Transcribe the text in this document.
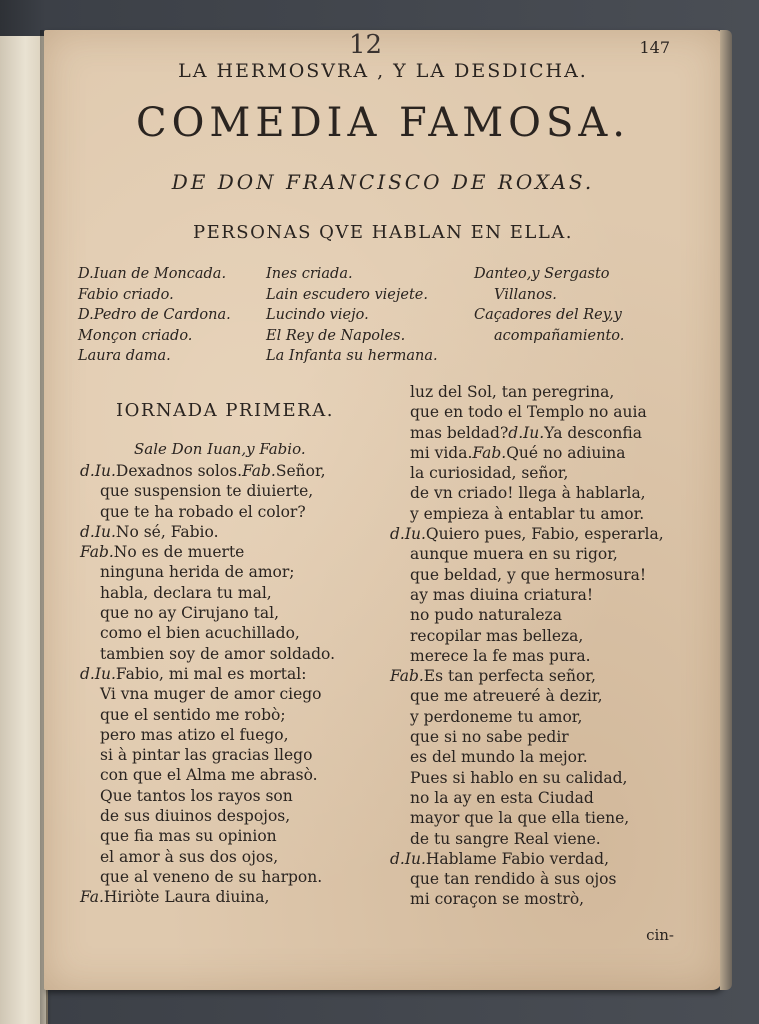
12	147
LA HERMOSVRA , Y LA DESDICHA.
COMEDIA FAMOSA.
DE DON FRANCISCO DE ROXAS.
PERSONAS QVE HABLAN EN ELLA.
D.Iuan de Moncada.
Fabio criado.
D.Pedro de Cardona.
Monçon criado.
Laura dama.
Ines criada.
Lain escudero viejete.
Lucindo viejo.
El Rey de Napoles.
La Infanta su hermana.
Danteo,y Sergasto
Villanos.
Caçadores del Rey,y
acompañamiento.
IORNADA PRIMERA.
Sale Don Iuan,y Fabio.
d.Iu.Dexadnos solos.Fab.Señor,
que suspension te diuierte,
que te ha robado el color?
d.Iu.No sé, Fabio.
Fab.No es de muerte
ninguna herida de amor;
habla, declara tu mal,
que no ay Cirujano tal,
como el bien acuchillado,
tambien soy de amor soldado.
d.Iu.Fabio, mi mal es mortal:
Vi vna muger de amor ciego
que el sentido me robò;
pero mas atizo el fuego,
si à pintar las gracias llego
con que el Alma me abrasò.
Que tantos los rayos son
de sus diuinos despojos,
que fia mas su opinion
el amor à sus dos ojos,
que al veneno de su harpon.
Fa.Hiriòte Laura diuina,
luz del Sol, tan peregrina,
que en todo el Templo no auia
mas beldad?d.Iu.Ya desconfia
mi vida.Fab.Qué no adiuina
la curiosidad, señor,
de vn criado! llega à hablarla,
y empieza à entablar tu amor.
d.Iu.Quiero pues, Fabio, esperarla,
aunque muera en su rigor,
que beldad, y que hermosura!
ay mas diuina criatura!
no pudo naturaleza
recopilar mas belleza,
merece la fe mas pura.
Fab.Es tan perfecta señor,
que me atreueré à dezir,
y perdoneme tu amor,
que si no sabe pedir
es del mundo la mejor.
Pues si hablo en su calidad,
no la ay en esta Ciudad
mayor que la que ella tiene,
de tu sangre Real viene.
d.Iu.Hablame Fabio verdad,
que tan rendido à sus ojos
mi coraçon se mostrò,
cin-
